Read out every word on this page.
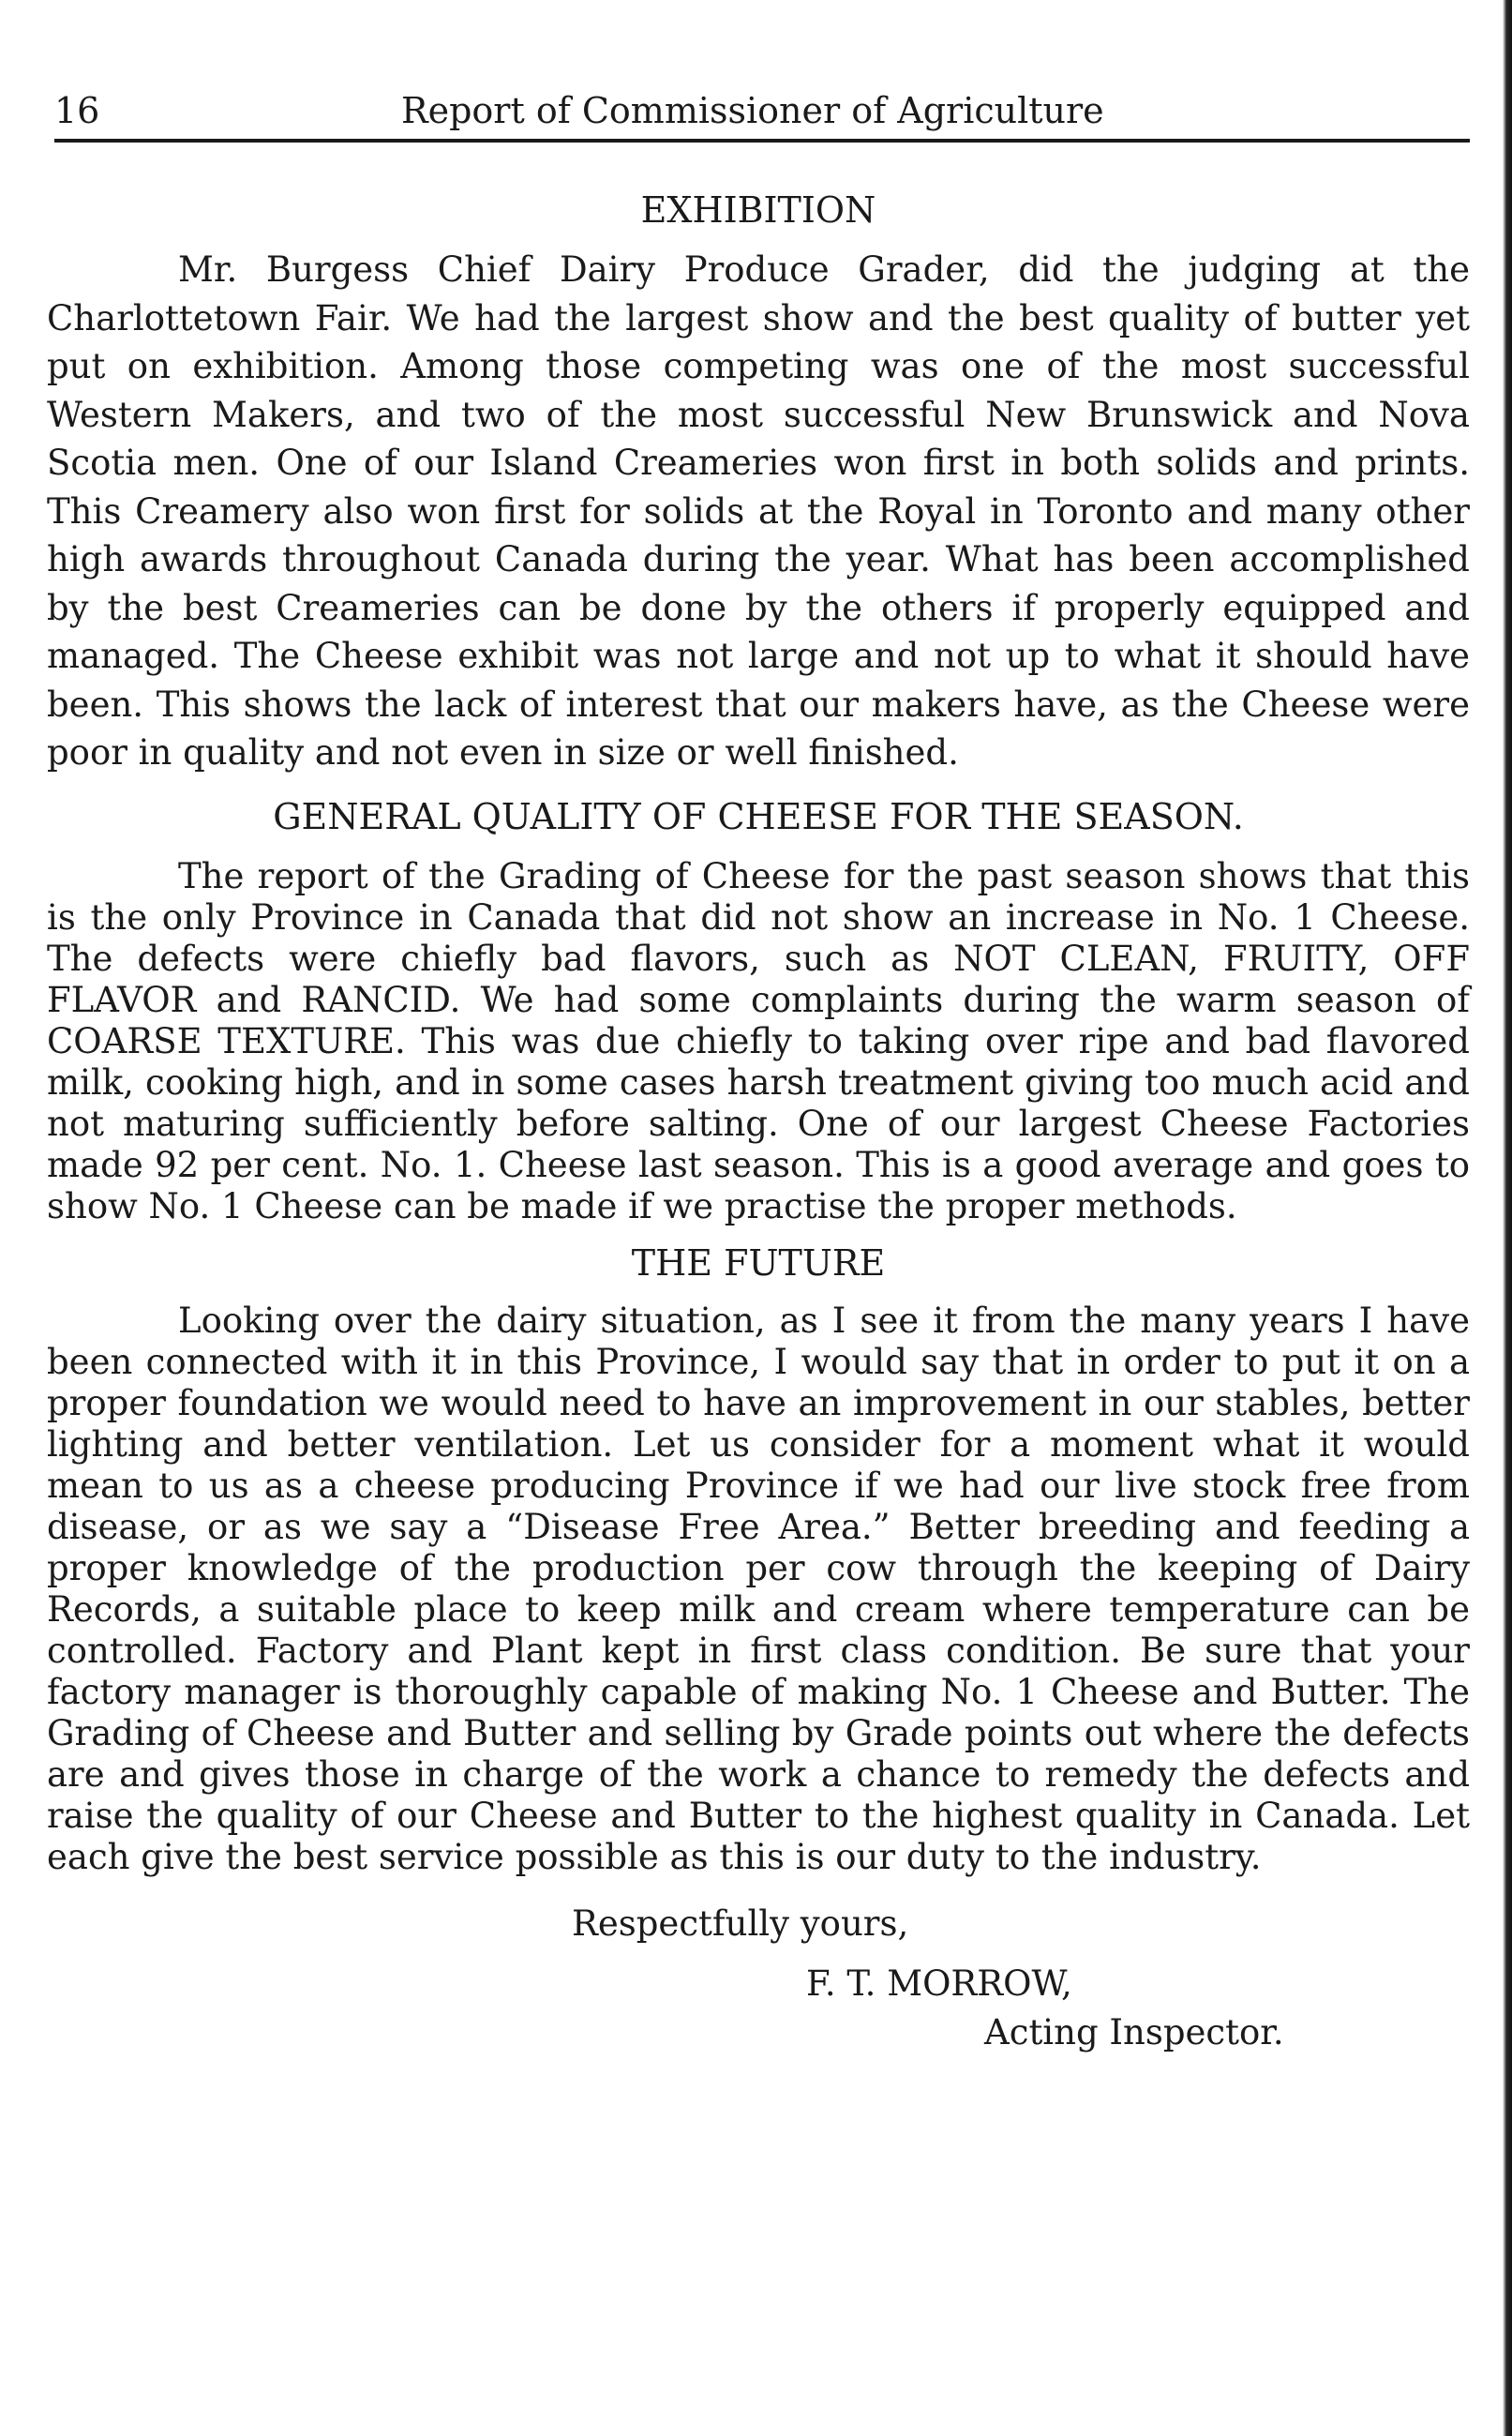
16	Report of Commissioner of Agriculture
EXHIBITION

Mr. Burgess Chief Dairy Produce Grader, did the judging at the Charlottetown Fair. We had the largest show and the best quality of butter yet put on exhibition. Among those competing was one of the most successful Western Makers, and two of the most successful New Brunswick and Nova Scotia men. One of our Island Creameries won first in both solids and prints. This Creamery also won first for solids at the Royal in Toronto and many other high awards throughout Canada during the year. What has been accomplished by the best Creameries can be done by the others if properly equipped and managed. The Cheese exhibit was not large and not up to what it should have been. This shows the lack of interest that our makers have, as the Cheese were poor in quality and not even in size or well finished.

GENERAL QUALITY OF CHEESE FOR THE SEASON.

The report of the Grading of Cheese for the past season shows that this is the only Province in Canada that did not show an increase in No. 1 Cheese. The defects were chiefly bad flavors, such as NOT CLEAN, FRUITY, OFF FLAVOR and RANCID. We had some complaints during the warm season of COARSE TEXTURE. This was due chiefly to taking over ripe and bad flavored milk, cooking high, and in some cases harsh treatment giving too much acid and not maturing sufficiently before salting. One of our largest Cheese Factories made 92 per cent. No. 1. Cheese last season. This is a good average and goes to show No. 1 Cheese can be made if we practise the proper methods.

THE FUTURE

Looking over the dairy situation, as I see it from the many years I have been connected with it in this Province, I would say that in order to put it on a proper foundation we would need to have an improvement in our stables, better lighting and better ventilation. Let us consider for a moment what it would mean to us as a cheese producing Province if we had our live stock free from disease, or as we say a “Disease Free Area.” Better breeding and feeding a proper knowledge of the production per cow through the keeping of Dairy Records, a suitable place to keep milk and cream where temperature can be controlled. Factory and Plant kept in first class condition. Be sure that your factory manager is thoroughly capable of making No. 1 Cheese and Butter. The Grading of Cheese and Butter and selling by Grade points out where the defects are and gives those in charge of the work a chance to remedy the defects and raise the quality of our Cheese and Butter to the highest quality in Canada. Let each give the best service possible as this is our duty to the industry.

Respectfully yours,
F. T. MORROW,
Acting Inspector.
